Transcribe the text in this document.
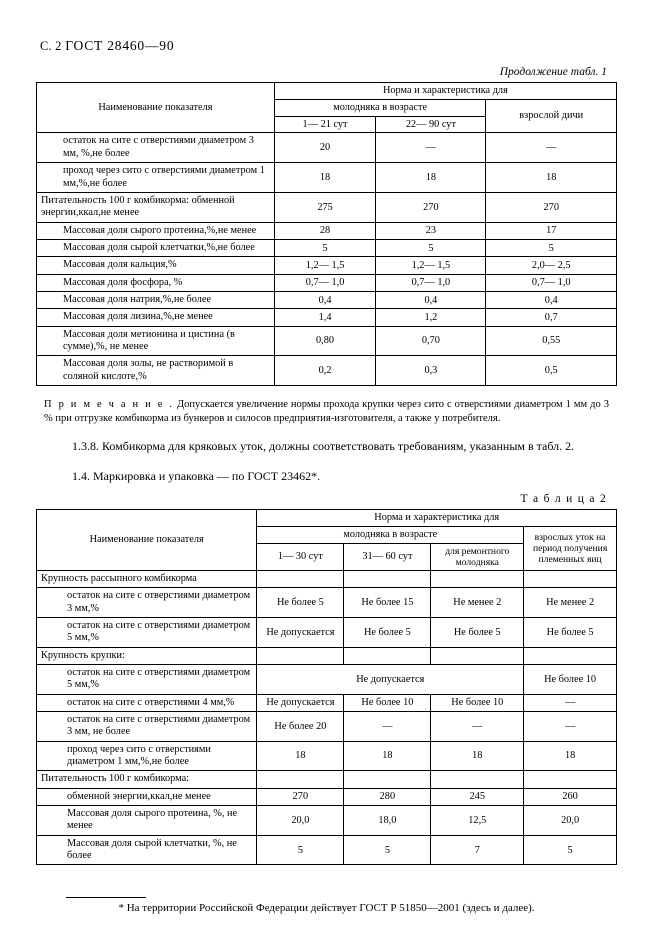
С. 2 ГОСТ 28460—90
Продолжение табл. 1
Наименование показателя	Норма и характеристика для		
	молодняка в возрасте		взрослой дичи
	1— 21 сут	22— 90 сут	
остаток на сите с отверстиями диаметром 3 мм, %,не более	20	—	—
проход через сито с отверстиями диаметром 1 мм,%,не более	18	18	18
Питательность 100 г комбикорма: обменной энергии,ккал,не менее	275	270	270
Массовая доля сырого протеина,%,не менее	28	23	17
Массовая доля сырой клетчатки,%,не более	5	5	5
Массовая доля кальция,%	1,2— 1,5	1,2— 1,5	2,0— 2,5
Массовая доля фосфора, %	0,7— 1,0	0,7— 1,0	0,7— 1,0
Массовая доля натрия,%,не более	0,4	0,4	0,4
Массовая доля лизина,%,не менее	1,4	1,2	0,7
Массовая доля метионина и цистина (в сумме),%, не менее	0,80	0,70	0,55
Массовая доля золы, не растворимой в соляной кислоте,%	0,2	0,3	0,5
П р и м е ч а н и е . Допускается увеличение нормы прохода крупки через сито с отверстиями диаметром 1 мм до 3 % при отгрузке комбикорма из бункеров и силосов предприятия-изготовителя, а также у потребителя.
1.3.8. Комбикорма для кряковых уток, должны соответствовать требованиям, указанным в табл. 2.
1.4. Маркировка и упаковка — по ГОСТ 23462*.
Т а б л и ц а 2
Наименование показателя	Норма и характеристика для			
	молодняка в возрасте			взрослых уток на период получения племенных яиц
	1— 30 сут	31— 60 сут	для ремонтного молодняка	
Крупность рассыпного комбикорма				
остаток на сите с отверстиями диаметром 3 мм,%	Не более 5	Не более 15	Не менее 2	Не менее 2
остаток на сите с отверстиями диаметром 5 мм,%	Не допускается	Не более 5	Не более 5	Не более 5
Крупность крупки:				
остаток на сите с отверстиями диаметром 5 мм,%	Не допускается			Не более 10
остаток на сите с отверстиями 4 мм,%	Не допускается	Не более 10	Не более 10	—
остаток на сите с отверстиями диаметром 3 мм, не более	Не более 20	—	—	—
проход через сито с отверстиями диаметром 1 мм,%,не более	18	18	18	18
Питательность 100 г комбикорма:				
обменной энергии,ккал,не менее	270	280	245	260
Массовая доля сырого протеина, %, не менее	20,0	18,0	12,5	20,0
Массовая доля сырой клетчатки, %, не более	5	5	7	5
* На территории Российской Федерации действует ГОСТ Р 51850—2001 (здесь и далее).
